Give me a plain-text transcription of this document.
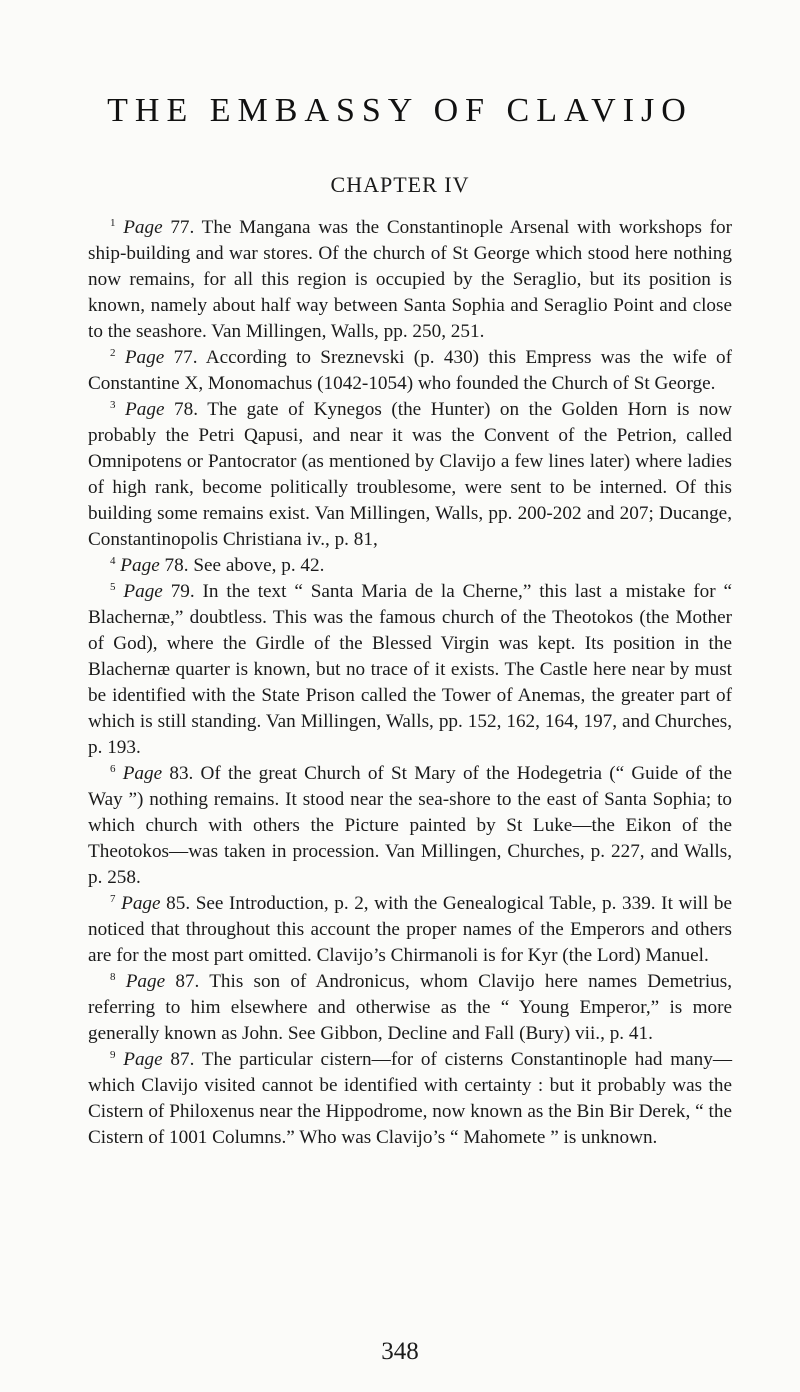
THE EMBASSY OF CLAVIJO
CHAPTER IV

$^1$ Page 77. The Mangana was the Constantinople Arsenal with workshops for ship-building and war stores. Of the church of St George which stood here nothing now remains, for all this region is occupied by the Seraglio, but its position is known, namely about half way between Santa Sophia and Seraglio Point and close to the seashore. Van Millingen, Walls, pp. 250, 251.

$^2$ Page 77. According to Sreznevski (p. 430) this Empress was the wife of Constantine X, Monomachus (1042-1054) who founded the Church of St George.

$^3$ Page 78. The gate of Kynegos (the Hunter) on the Golden Horn is now probably the Petri Qapusi, and near it was the Convent of the Petrion, called Omnipotens or Pantocrator (as mentioned by Clavijo a few lines later) where ladies of high rank, become politically troublesome, were sent to be interned. Of this building some remains exist. Van Millingen, Walls, pp. 200-202 and 207; Ducange, Constantinopolis Christiana iv., p. 81,

$^4$ Page 78. See above, p. 42.

$^5$ Page 79. In the text “ Santa Maria de la Cherne,” this last a mistake for “ Blachernæ,” doubtless. This was the famous church of the Theotokos (the Mother of God), where the Girdle of the Blessed Virgin was kept. Its position in the Blachernæ quarter is known, but no trace of it exists. The Castle here near by must be identified with the State Prison called the Tower of Anemas, the greater part of which is still standing. Van Millingen, Walls, pp. 152, 162, 164, 197, and Churches, p. 193.

$^6$ Page 83. Of the great Church of St Mary of the Hodegetria (“ Guide of the Way ”) nothing remains. It stood near the sea-shore to the east of Santa Sophia; to which church with others the Picture painted by St Luke—the Eikon of the Theotokos—was taken in procession. Van Millingen, Churches, p. 227, and Walls, p. 258.

$^7$ Page 85. See Introduction, p. 2, with the Genealogical Table, p. 339. It will be noticed that throughout this account the proper names of the Emperors and others are for the most part omitted. Clavijo’s Chirmanoli is for Kyr (the Lord) Manuel.

$^8$ Page 87. This son of Andronicus, whom Clavijo here names Demetrius, referring to him elsewhere and otherwise as the “ Young Emperor,” is more generally known as John. See Gibbon, Decline and Fall (Bury) vii., p. 41.

$^9$ Page 87. The particular cistern—for of cisterns Constantinople had many—which Clavijo visited cannot be identified with certainty : but it probably was the Cistern of Philoxenus near the Hippodrome, now known as the Bin Bir Derek, “ the Cistern of 1001 Columns.” Who was Clavijo’s “ Mahomete ” is unknown.

348
